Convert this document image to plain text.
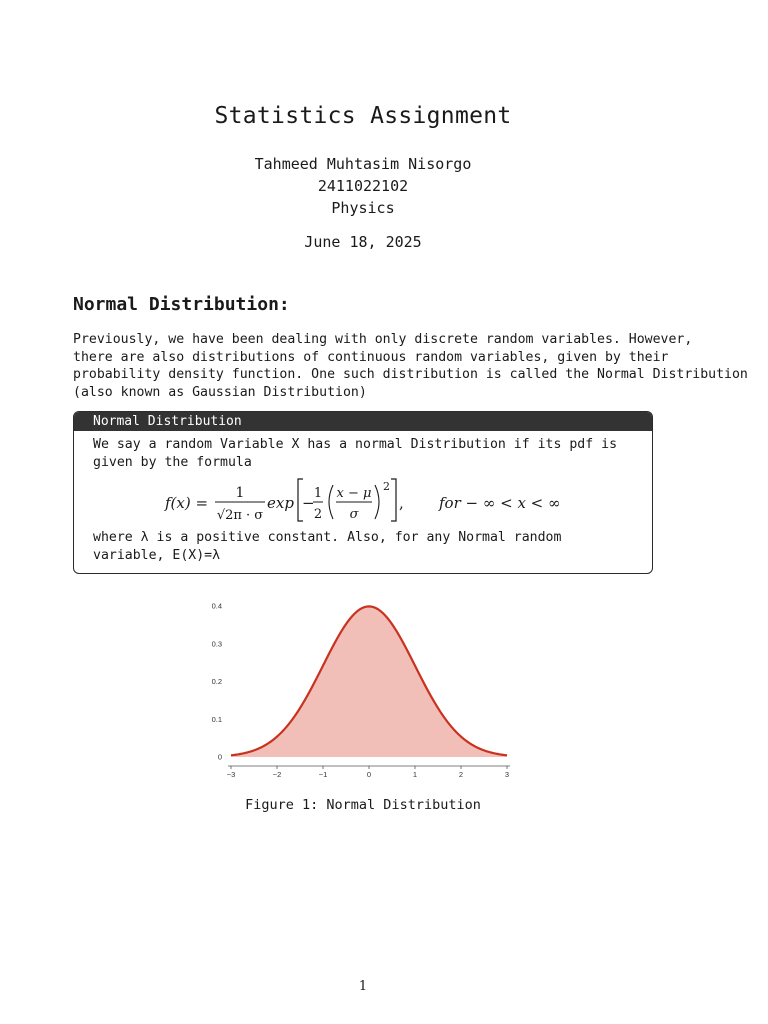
Statistics Assignment
Tahmeed Muhtasim Nisorgo
2411022102
Physics
June 18, 2025
Normal Distribution:
Previously, we have been dealing with only discrete random variables. However,
there are also distributions of continuous random variables, given by their
probability density function. One such distribution is called the Normal Distribution
(also known as Gaussian Distribution)
Normal Distribution
We say a random Variable X has a normal Distribution if its pdf is
given by the formula
f(x) =
1
√2π · σ
exp −
1
2
x − μ
σ
2
, for − ∞ < x < ∞
where λ is a positive constant. Also, for any Normal random
variable, E(X)=λ
−3	−2	−1	0	1	2	3
0
0.1
0.2
0.3
0.4
Figure 1: Normal Distribution
1
